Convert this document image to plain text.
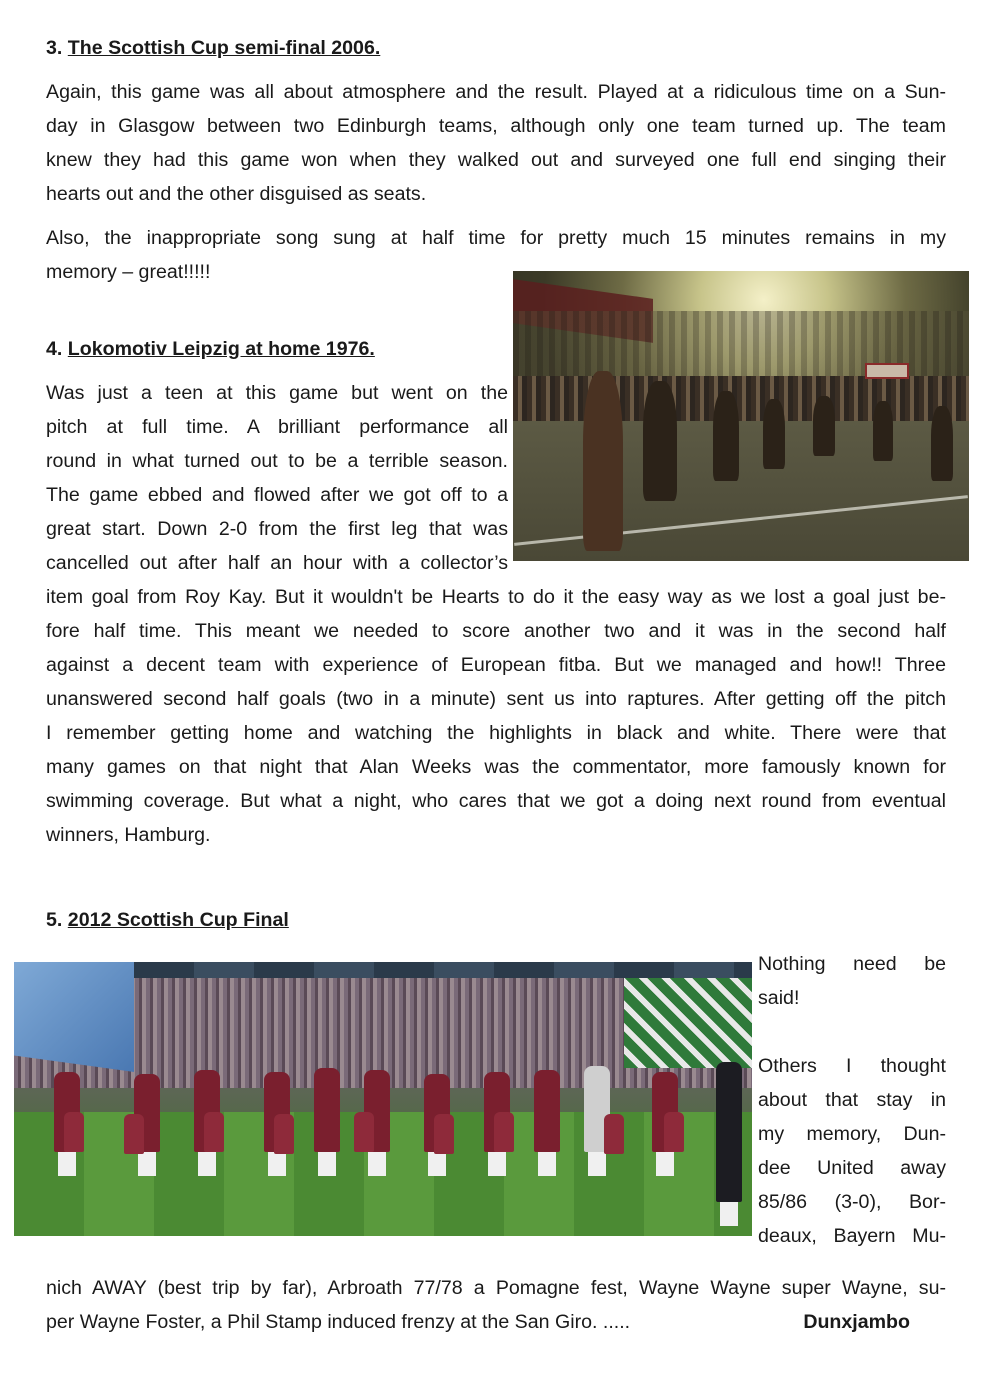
3. The Scottish Cup semi-final 2006.
Again, this game was all about atmosphere and the result. Played at a ridiculous time on a Sun-
day in Glasgow between two Edinburgh teams, although only one team turned up. The team
knew they had this game won when they walked out and surveyed one full end singing their
hearts out and the other disguised as seats.
Also, the inappropriate song sung at half time for pretty much 15 minutes remains in my
memory – great!!!!!
4. Lokomotiv Leipzig at home 1976.
Was just a teen at this game but went on the
pitch at full time. A brilliant performance all
round in what turned out to be a terrible season.
The game ebbed and flowed after we got off to a
great start. Down 2-0 from the first leg that was
cancelled out after half an hour with a collector’s
item goal from Roy Kay. But it wouldn't be Hearts to do it the easy way as we lost a goal just be-
fore half time. This meant we needed to score another two and it was in the second half
against a decent team with experience of European fitba. But we managed and how!! Three
unanswered second half goals (two in a minute) sent us into raptures. After getting off the pitch
I remember getting home and watching the highlights in black and white. There were that
many games on that night that Alan Weeks was the commentator, more famously known for
swimming coverage. But what a night, who cares that we got a doing next round from eventual
winners, Hamburg.
5. 2012 Scottish Cup Final
Nothing need be
said!

Others I thought
about that stay in
my memory, Dun-
dee United away
85/86 (3-0), Bor-
deaux, Bayern Mu-
nich AWAY (best trip by far), Arbroath 77/78 a Pomagne fest, Wayne Wayne super Wayne, su-
per Wayne Foster, a Phil Stamp induced frenzy at the San Giro. .....	Dunxjambo
